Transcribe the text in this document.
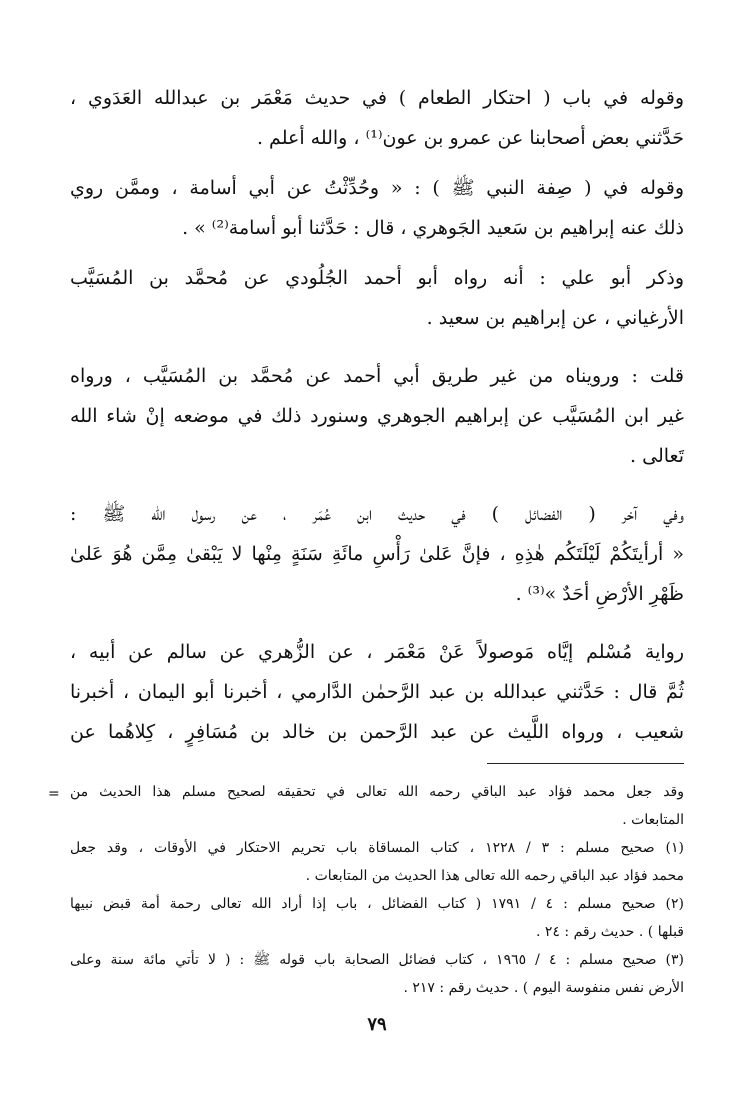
وقوله في باب ( احتكار الطعام ) في حديث مَعْمَر بن عبدالله العَدَوي ،

حَدَّثني بعض أصحابنا عن عمرو بن عون⁽¹⁾ ، والله أعلم .

وقوله في ( صِفة النبي ﷺ ) : « وحُدِّثْتُ عن أبي أسامة ، وممَّن روي

ذلك عنه إبراهيم بن سَعيد الجَوهري ، قال : حَدَّثنا أبو أسامة⁽²⁾ » .

وذكر أبو علي : أنه رواه أبو أحمد الجُلُودي عن مُحمَّد بن المُسَيَّب

الأرغياني ، عن إبراهيم بن سعيد .

قلت : ورويناه من غير طريق أبي أحمد عن مُحمَّد بن المُسَيَّب ، ورواه

غير ابن المُسَيَّب عن إبراهيم الجوهري وسنورد ذلك في موضعه إنْ شاء الله

تَعالى .

وفي آخر ( الفضائل ) في حديث ابن عُمَر ، عن رسول الله ﷺ :

« أرأيتَكُمْ لَيْلَتَكُم هٰذِهِ ، فإنَّ عَلىٰ رَأْسِ مائَةِ سَنَةٍ مِنْها لا يَبْقىٰ مِمَّن هُوَ عَلىٰ

ظَهْرِ الأرْضِ أحَدٌ »⁽³⁾ .

رواية مُسْلم إيَّاه مَوصولاً عَنْ مَعْمَر ، عن الزُّهري عن سالم عن أبيه ،

ثُمَّ قال : حَدَّثني عبدالله بن عبد الرَّحمٰن الدَّارمي ، أخبرنا أبو اليمان ، أخبرنا

شعيب ، ورواه اللَّيث عن عبد الرَّحمن بن خالد بن مُسَافِرٍ ، كِلاهُما عن

= وقد جعل محمد فؤاد عبد الباقي رحمه الله تعالى في تحقيقه لصحيح مسلم هذا الحديث من

المتابعات .

(١) صحيح مسلم : ٣ / ١٢٢٨ ، كتاب المساقاة باب تحريم الاحتكار في الأوقات ، وقد جعل

محمد فؤاد عبد الباقي رحمه الله تعالى هذا الحديث من المتابعات .

(٢) صحيح مسلم : ٤ / ١٧٩١ ( كتاب الفضائل ، باب إذا أراد الله تعالى رحمة أمة قبض نبيها

قبلها ) . حديث رقم : ٢٤ .

(٣) صحيح مسلم : ٤ / ١٩٦٥ ، كتاب فضائل الصحابة باب قوله ﷺ : ( لا تأتي مائة سنة وعلى

الأرض نفس منفوسة اليوم ) . حديث رقم : ٢١٧ .

٧٩
